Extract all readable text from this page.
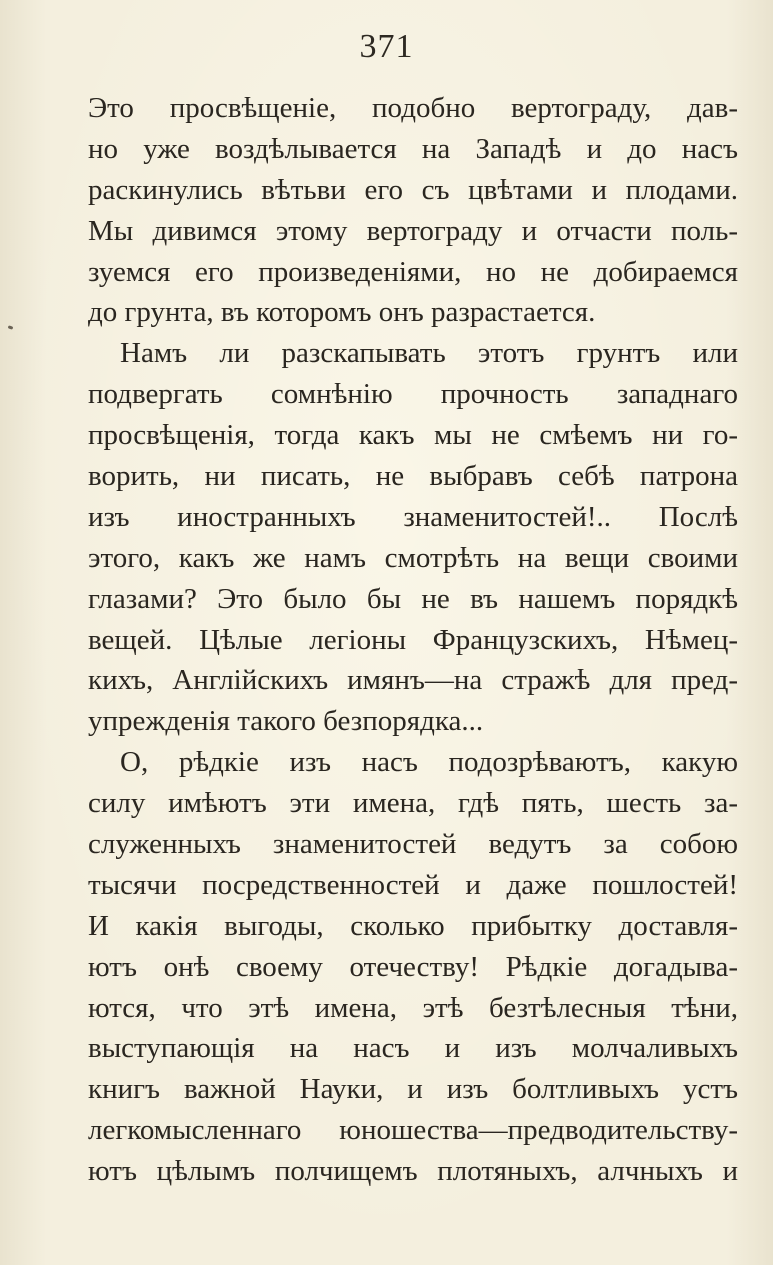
371
Это просвѣщеніе, подобно вертограду, дав-
но уже воздѣлывается на Западѣ и до насъ
раскинулись вѣтьви его съ цвѣтами и плодами.
Мы дивимся этому вертограду и отчасти поль-
зуемся его произведеніями, но не добираемся
до грунта, въ которомъ онъ разрастается.
Намъ ли разскапывать этотъ грунтъ или
подвергать сомнѣнію прочность западнаго
просвѣщенія, тогда какъ мы не смѣемъ ни го-
ворить, ни писать, не выбравъ себѣ патрона
изъ иностранныхъ знаменитостей!.. Послѣ
этого, какъ же намъ смотрѣть на вещи своими
глазами? Это было бы не въ нашемъ порядкѣ
вещей. Цѣлые легіоны Французскихъ, Нѣмец-
кихъ, Англійскихъ имянъ—на стражѣ для пред-
упрежденія такого безпорядка...
О, рѣдкіе изъ насъ подозрѣваютъ, какую
силу имѣютъ эти имена, гдѣ пять, шесть за-
служенныхъ знаменитостей ведутъ за собою
тысячи посредственностей и даже пошлостей!
И какія выгоды, сколько прибытку доставля-
ютъ онѣ своему отечеству! Рѣдкіе догадыва-
ются, что этѣ имена, этѣ безтѣлесныя тѣни,
выступающія на насъ и изъ молчаливыхъ
книгъ важной Науки, и изъ болтливыхъ устъ
легкомысленнаго юношества—предводительству-
ютъ цѣлымъ полчищемъ плотяныхъ, алчныхъ и
